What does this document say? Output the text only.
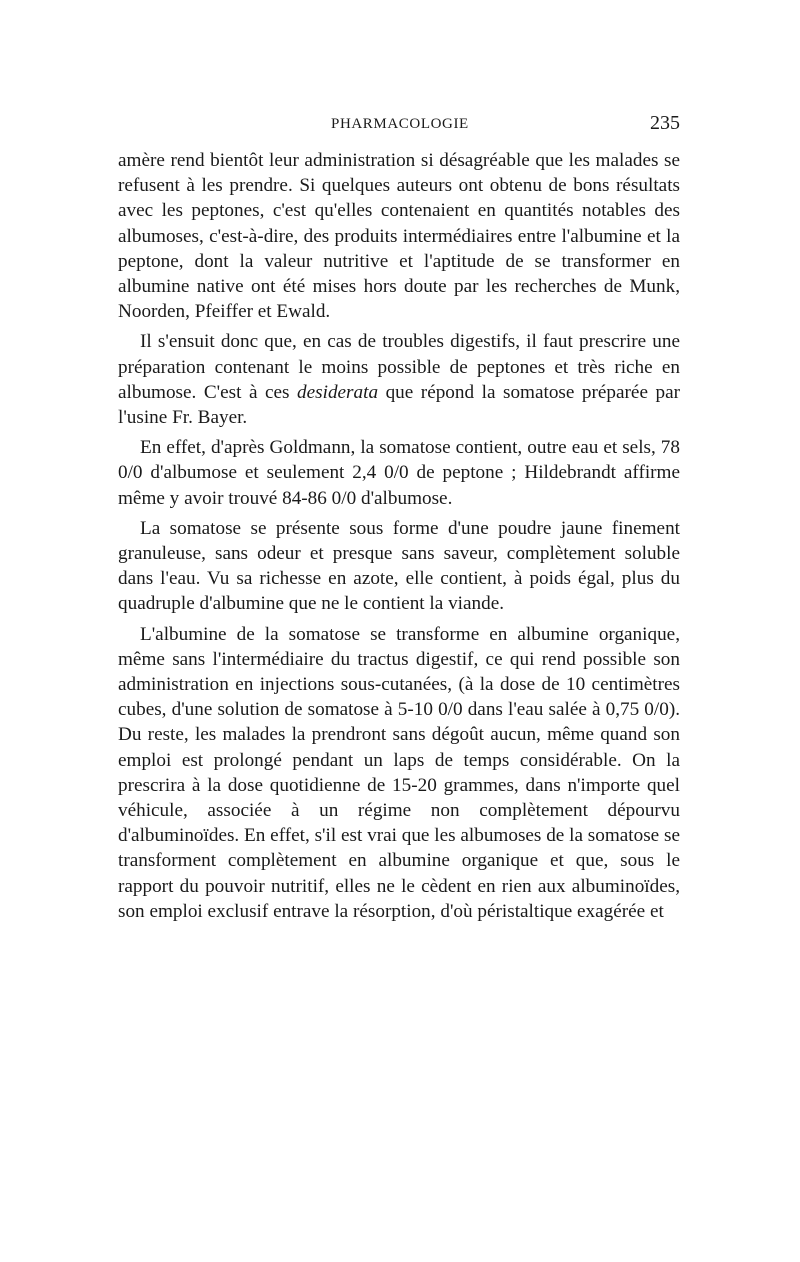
PHARMACOLOGIE	235

amère rend bientôt leur administration si désagréable que les malades se refusent à les prendre. Si quelques auteurs ont obtenu de bons résultats avec les peptones, c'est qu'elles contenaient en quantités notables des albumoses, c'est-à-dire, des produits intermédiaires entre l'albumine et la peptone, dont la valeur nutritive et l'aptitude de se transformer en albumine native ont été mises hors doute par les recherches de Munk, Noorden, Pfeiffer et Ewald.

Il s'ensuit donc que, en cas de troubles digestifs, il faut prescrire une préparation contenant le moins possible de peptones et très riche en albumose. C'est à ces desiderata que répond la somatose préparée par l'usine Fr. Bayer.

En effet, d'après Goldmann, la somatose contient, outre eau et sels, 78 0/0 d'albumose et seulement 2,4 0/0 de peptone ; Hildebrandt affirme même y avoir trouvé 84-86 0/0 d'albumose.

La somatose se présente sous forme d'une poudre jaune finement granuleuse, sans odeur et presque sans saveur, complètement soluble dans l'eau. Vu sa richesse en azote, elle contient, à poids égal, plus du quadruple d'albumine que ne le contient la viande.

L'albumine de la somatose se transforme en albumine organique, même sans l'intermédiaire du tractus digestif, ce qui rend possible son administration en injections sous-cutanées, (à la dose de 10 centimètres cubes, d'une solution de somatose à 5-10 0/0 dans l'eau salée à 0,75 0/0). Du reste, les malades la prendront sans dégoût aucun, même quand son emploi est prolongé pendant un laps de temps considérable. On la prescrira à la dose quotidienne de 15-20 grammes, dans n'importe quel véhicule, associée à un régime non complètement dépourvu d'albuminoïdes. En effet, s'il est vrai que les albumoses de la somatose se transforment complètement en albumine organique et que, sous le rapport du pouvoir nutritif, elles ne le cèdent en rien aux albuminoïdes, son emploi exclusif entrave la résorption, d'où péristaltique exagérée et
